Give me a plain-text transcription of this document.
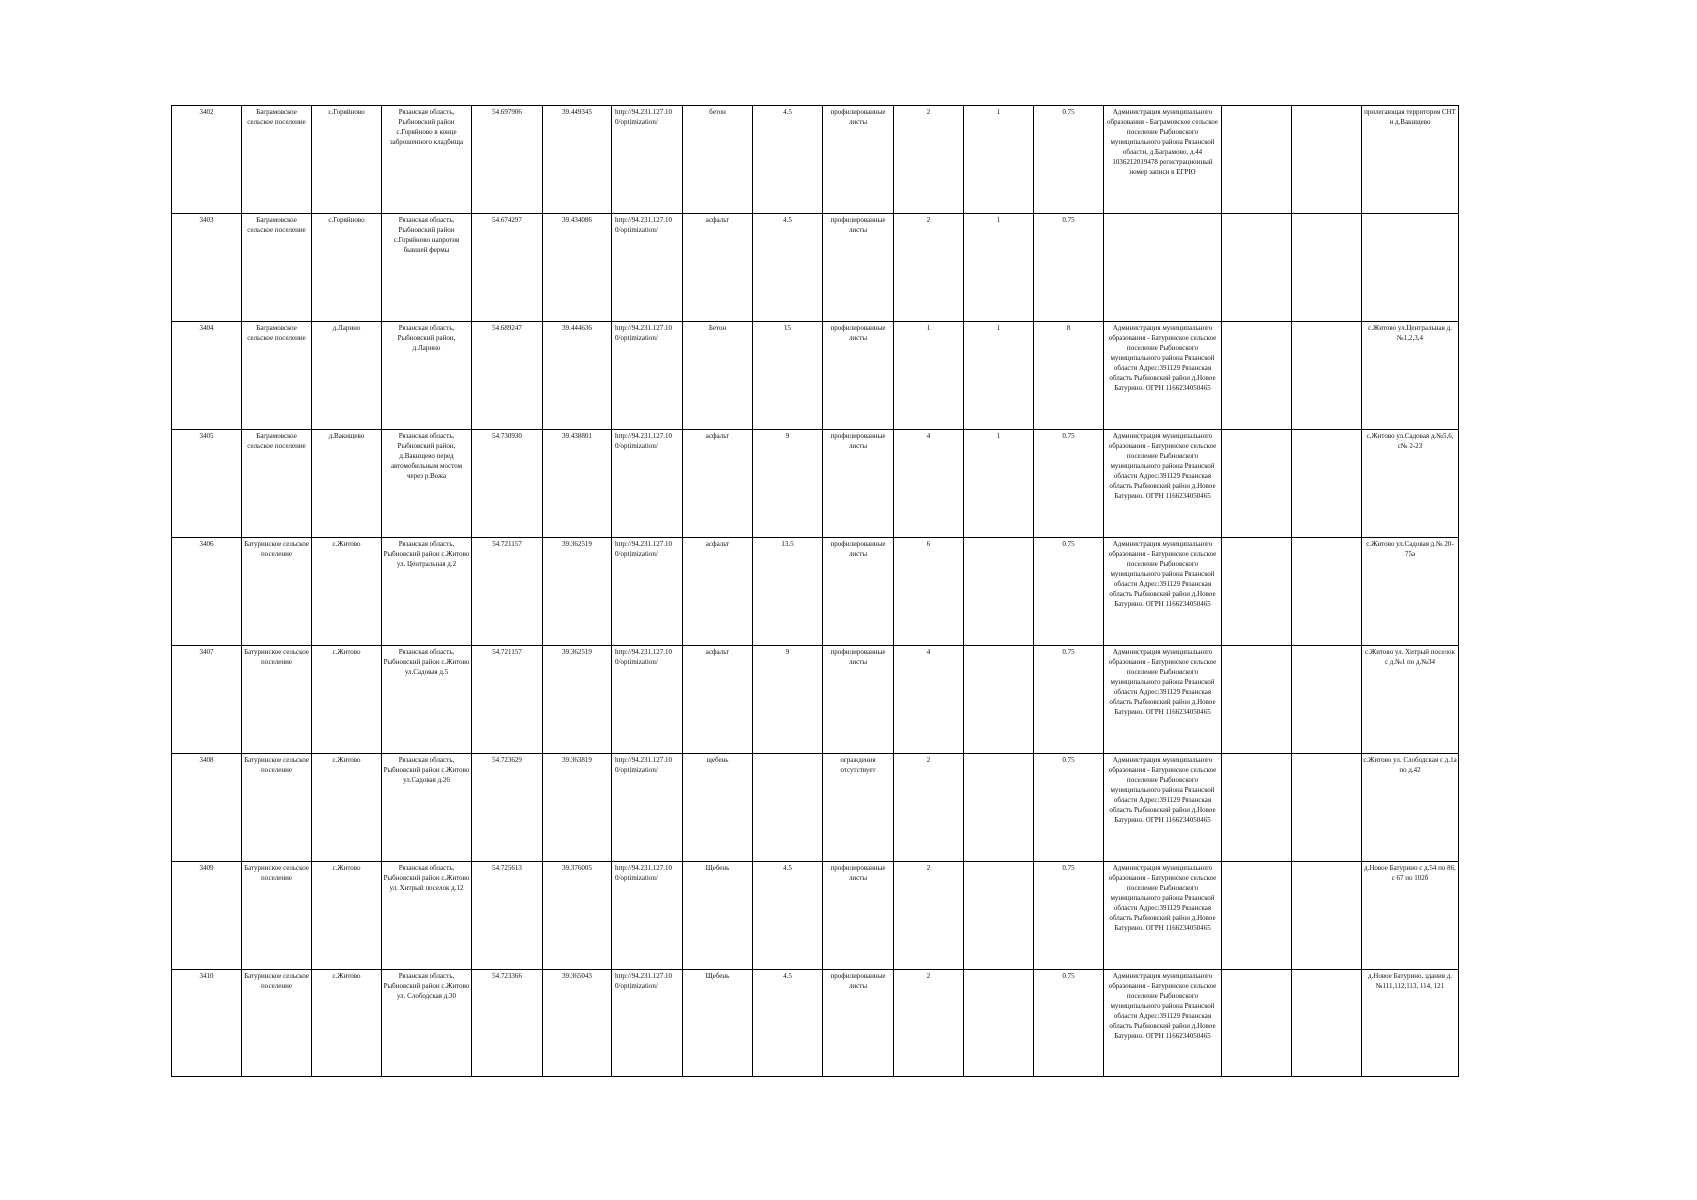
3402	Баграмовское сельское поселение	с.Горяйново	Рязанская область, Рыбновский район с.Горяйново в конце заброшенного кладбища	54.697906	39.449345	http://94.231.127.10 0/optimization/	бетон	4.5	профилированные листы	2	1	0.75	Администрация муниципального образования - Баграмовское сельское поселение Рыбновского муниципального района Рязанской области, д.Баграмово, д.44 1036212019478 регистрационный номер записи в ЕГРЮ			прилегающая территория СНТ и д.Вакнщево
3403	Баграмовское сельское поселение	с.Горяйново	Рязанская область, Рыбновский район с.Горяйново напротив бывшей фермы	54.674297	39.434086	http://94.231.127.10 0/optimization/	асфальт	4.5	профилированные листы	2	1	0.75				
3404	Баграмовское сельское поселение	д.Ларино	Рязанская область, Рыбновский район, д.Ларино	54.689247	39.444636	http://94.231.127.10 0/optimization/	Бетон	15	профилированные листы	1	1	8	Администрация муниципального образования - Батуринское сельское поселение Рыбновского муниципального района Рязанской области Адрес:391129 Рязанская область Рыбновский район д.Новое Батурино. ОГРН 1166234050465			с.Житово ул.Центральная д.№1,2,3,4
3405	Баграмовское сельское поселение	д.Вакнщево	Рязанская область, Рыбновский район, д.Вакнщево перед автомобильным мостом через р.Вожа	54.730930	39.438801	http://94.231.127.10 0/optimization/	асфальт	9	профилированные листы	4	1	0.75	Администрация муниципального образования - Батуринское сельское поселение Рыбновского муниципального района Рязанской области Адрес:391129 Рязанская область Рыбновский район д.Новое Батурино. ОГРН 1166234050465			с.Житово ул.Садовая д.№5,6, с№ 2-23
3406	Батуринское сельское поселение	с.Житово	Рязанская область, Рыбновский район с.Житово ул. Центральная д.2	54.721157	39.362519	http://94.231.127.10 0/optimization/	асфальт	13.5	профилированные листы	6		0.75	Администрация муниципального образования - Батуринское сельское поселение Рыбновского муниципального района Рязанской области Адрес:391129 Рязанская область Рыбновский район д.Новое Батурино. ОГРН 1166234050465			с.Житово ул.Садовая д.№ 20-75а
3407	Батуринское сельское поселение	с.Житово	Рязанская область, Рыбновский район с.Житово ул.Садовая д.5	54.721157	39.362519	http://94.231.127.10 0/optimization/	асфальт	9	профилированные листы	4		0.75	Администрация муниципального образования - Батуринское сельское поселение Рыбновского муниципального района Рязанской области Адрес:391129 Рязанская область Рыбновский район д.Новое Батурино. ОГРН 1166234050465			с.Житово ул. Хитрый поселок с д.№1 по д.№34
3408	Батуринское сельское поселение	с.Житово	Рязанская область, Рыбновский район с.Житово ул.Садовая д.26	54.723629	39.363819	http://94.231.127.10 0/optimization/	щебень		ограждения отсутствует	2		0.75	Администрация муниципального образования - Батуринское сельское поселение Рыбновского муниципального района Рязанской области Адрес:391129 Рязанская область Рыбновский район д.Новое Батурино. ОГРН 1166234050465			с.Житово ул. Слободская с д.1а по д.42
3409	Батуринское сельское поселение	с.Житово	Рязанская область, Рыбновский район с.Житово ул. Хитрый поселок д.12	54.725613	39.376005	http://94.231.127.10 0/optimization/	Щебень	4.5	профилированные листы	2		0.75	Администрация муниципального образования - Батуринское сельское поселение Рыбновского муниципального района Рязанской области Адрес:391129 Рязанская область Рыбновский район д.Новое Батурино. ОГРН 1166234050465			д.Новое Батурино с д.54 по 86, с 67 по 102б
3410	Батуринское сельское поселение	с.Житово	Рязанская область, Рыбновский район с.Житово ул. Слободская д.30	54.723366	39.365043	http://94.231.127.10 0/optimization/	Щебень	4.5	профилированные листы	2		0.75	Администрация муниципального образования - Батуринское сельское поселение Рыбновского муниципального района Рязанской области Адрес:391129 Рязанская область Рыбновский район д.Новое Батурино. ОГРН 1166234050465			д.Новое Батурино, здания д. №111,112,113, 114, 121
